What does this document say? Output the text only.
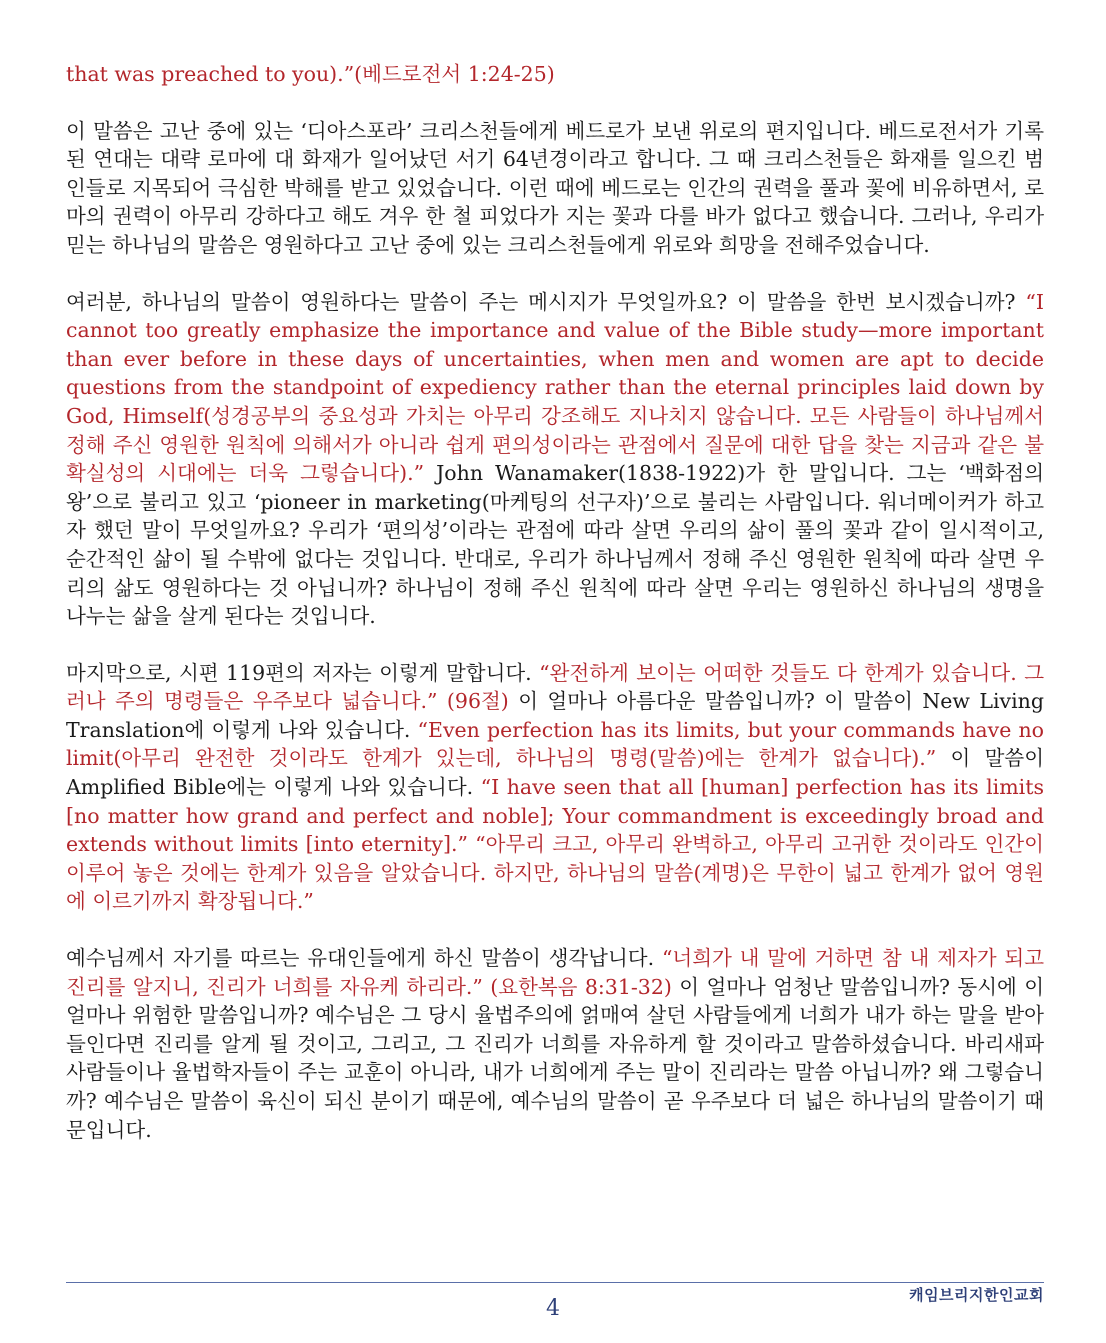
that was preached to you).”(베드로전서 1:24-25)

이 말씀은 고난 중에 있는 ‘디아스포라’ 크리스천들에게 베드로가 보낸 위로의 편지입니다. 베드로전서가 기록된 연대는 대략 로마에 대 화재가 일어났던 서기 64년경이라고 합니다. 그 때 크리스천들은 화재를 일으킨 범인들로 지목되어 극심한 박해를 받고 있었습니다. 이런 때에 베드로는 인간의 권력을 풀과 꽃에 비유하면서, 로마의 권력이 아무리 강하다고 해도 겨우 한 철 피었다가 지는 꽃과 다를 바가 없다고 했습니다. 그러나, 우리가 믿는 하나님의 말씀은 영원하다고 고난 중에 있는 크리스천들에게 위로와 희망을 전해주었습니다.

여러분, 하나님의 말씀이 영원하다는 말씀이 주는 메시지가 무엇일까요? 이 말씀을 한번 보시겠습니까? “I cannot too greatly emphasize the importance and value of the Bible study—more important than ever before in these days of uncertainties, when men and women are apt to decide questions from the standpoint of expediency rather than the eternal principles laid down by God, Himself(성경공부의 중요성과 가치는 아무리 강조해도 지나치지 않습니다. 모든 사람들이 하나님께서 정해 주신 영원한 원칙에 의해서가 아니라 쉽게 편의성이라는 관점에서 질문에 대한 답을 찾는 지금과 같은 불확실성의 시대에는 더욱 그렇습니다).” John Wanamaker(1838-1922)가 한 말입니다. 그는 ‘백화점의 왕’으로 불리고 있고 ‘pioneer in marketing(마케팅의 선구자)’으로 불리는 사람입니다. 워너메이커가 하고자 했던 말이 무엇일까요? 우리가 ‘편의성’이라는 관점에 따라 살면 우리의 삶이 풀의 꽃과 같이 일시적이고, 순간적인 삶이 될 수밖에 없다는 것입니다. 반대로, 우리가 하나님께서 정해 주신 영원한 원칙에 따라 살면 우리의 삶도 영원하다는 것 아닙니까? 하나님이 정해 주신 원칙에 따라 살면 우리는 영원하신 하나님의 생명을 나누는 삶을 살게 된다는 것입니다.

마지막으로, 시편 119편의 저자는 이렇게 말합니다. “완전하게 보이는 어떠한 것들도 다 한계가 있습니다. 그러나 주의 명령들은 우주보다 넓습니다.” (96절) 이 얼마나 아름다운 말씀입니까? 이 말씀이 New Living Translation에 이렇게 나와 있습니다. “Even perfection has its limits, but your commands have no limit(아무리 완전한 것이라도 한계가 있는데, 하나님의 명령(말씀)에는 한계가 없습니다).” 이 말씀이 Amplified Bible에는 이렇게 나와 있습니다. “I have seen that all [human] perfection has its limits [no matter how grand and perfect and noble]; Your commandment is exceedingly broad and extends without limits [into eternity].” “아무리 크고, 아무리 완벽하고, 아무리 고귀한 것이라도 인간이 이루어 놓은 것에는 한계가 있음을 알았습니다. 하지만, 하나님의 말씀(계명)은 무한이 넓고 한계가 없어 영원에 이르기까지 확장됩니다.”

예수님께서 자기를 따르는 유대인들에게 하신 말씀이 생각납니다. “너희가 내 말에 거하면 참 내 제자가 되고 진리를 알지니, 진리가 너희를 자유케 하리라.” (요한복음 8:31-32) 이 얼마나 엄청난 말씀입니까? 동시에 이 얼마나 위험한 말씀입니까? 예수님은 그 당시 율법주의에 얽매여 살던 사람들에게 너희가 내가 하는 말을 받아들인다면 진리를 알게 될 것이고, 그리고, 그 진리가 너희를 자유하게 할 것이라고 말씀하셨습니다. 바리새파 사람들이나 율법학자들이 주는 교훈이 아니라, 내가 너희에게 주는 말이 진리라는 말씀 아닙니까? 왜 그렇습니까? 예수님은 말씀이 육신이 되신 분이기 때문에, 예수님의 말씀이 곧 우주보다 더 넓은 하나님의 말씀이기 때문입니다.

캐임브리지한인교회
4
